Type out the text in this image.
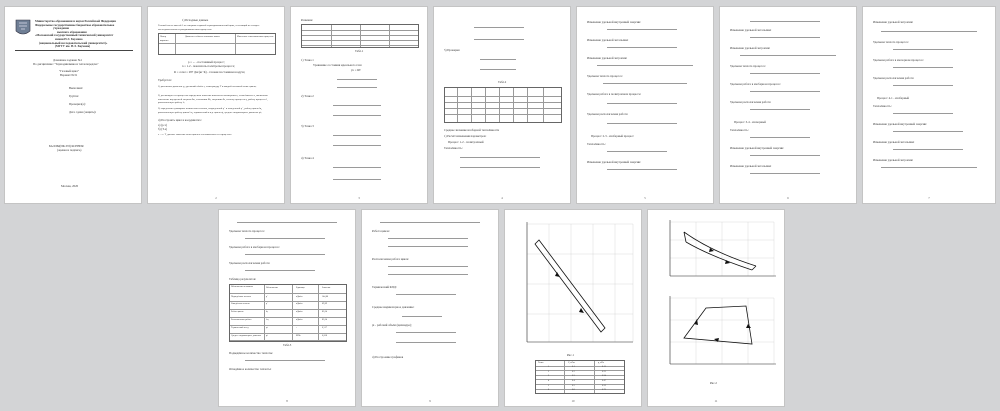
Министерство образования и науки Российской Федерации
Федеральное государственное бюджетное образовательное
учреждение
высшего образования
«Московский государственный технический университет
имени Н.Э. Баумана
(национальный исследовательский университет)»
(МГТУ им. Н.Э. Баумана)
Домашнее задание №1
По дисциплине: "Термодинамика и теплопередача"
"Газовый цикл"
Вариант №31
Выполнил:
Группа:
Проверил(а):
Дата сдачи (защиты):
БАЛЛЫ(ИК-ТИ) КСЕНИЯ
(оценка и подпись)
Москва, 2020
1) Исходные данные
Газовой смесь массой 1 кг совершает прямой термодинамический цикл, состоящий из четырех последовательных термодинамических процессов
Номер варианта
Давление и объем в основных точках	Изменение сопоставляемых процессов
p = ... - постоянный процесс;
n = 1.2 - показатель политропы процесса;
R = const = 287 Дж/(кг·К) - газовая постоянная воздуха;
Требуется:
1) рассчитать давление p, удельный объём v, температуру T в каждой основной точке цикла;
2) для каждого из процессов определить значения показателя политропы n, теплоёмкость c, вычислить изменение внутренней энергии Δu, энтальпии Δh, энтропии Δs, теплоту процесса q, работу процесса l, располагаемую работу lₒ;
3) определить суммарные количества теплоты, подведенной q⁺ и отведенной q⁻, работу цикла lц, располагаемую работу цикла lₒц, термический к.п.д. цикла ηt, среднее индикаторное давление pi;
4) Построить цикл в координатах:
а) (p-v)
б) (T-s)
s = s - T, данные значения точек цикла в составляемых его процессах
2
Решение:
Табл.1
1) Точка 1
Уравнение состояния идеального газа:
pv = RT
2) Точка 2
3) Точка 3
4) Точка 4
3
5) Проверка:
Табл.2
Среднее значение изобарной теплоёмкости
1) Расчёт изменения параметров:
Процесс 1-2 - политропный
Теплоёмкость:
4
Изменение удельной внутренней энергии:
Изменение удельной энтальпии:
Изменение удельной энтропии:
Удельная теплота процесса:
Удельная работа в политропном процессе:
Удельная располагаемая работа:
Процесс 2-3 - изобарный процесс
Теплоёмкость:
Изменение удельной внутренней энергии:
5
Изменение удельной энтальпии:
Изменение удельной энтропии:
Удельная теплота процесса:
Удельная работа в изобарном процессе:
Удельная располагаемая работа:
Процесс 3-4 - изохорный
Теплоёмкость:
Изменение удельной внутренней энергии:
Изменение удельной энтальпии:
6
Изменение удельной энтропии:
Удельная теплота процесса:
Удельная работа в изохорном процессе:
Удельная располагаемая работа:
Процесс 4-1 - изобарный
Теплоёмкость:
Изменение удельной внутренней энергии:
Изменение удельной энтальпии:
Изменение удельной энтропии:
7
Удельная теплота процесса:
Удельная работа в изобарном процессе:
Удельная располагаемая работа:
Таблица результатов:
Обозначение величины	Обозначение	Единицы	Значение
Подведённая теплота	q⁺	кДж/кг	144,66
Отведённая теплота	q⁻	кДж/кг	69,89
Работа цикла	lц	кДж/кг	83,04
Располагаемая работа	lₒц	кДж/кг	83,04
Термический к.п.д.	ηt	-	0,517
Среднее индикаторное давление	pi	МПа	0,008
Табл.3
Подведённое количество теплоты:
Отведённое количество теплоты:
8
Работа цикла:
Располагаемая работа цикла:
Термический КПД:
Среднее индикаторное давление:
pi - рабочий объём (цилиндра);
4) Построение графиков
9
Точка	V, м³/кг	p, кПа
1	0.1	0.11
2	0.2	0.22
3	0.3	0.34
4	0.4	0.47
5	0.5	0.59
6	0.6	0.72
Рис.1
10
Рис.2
11
